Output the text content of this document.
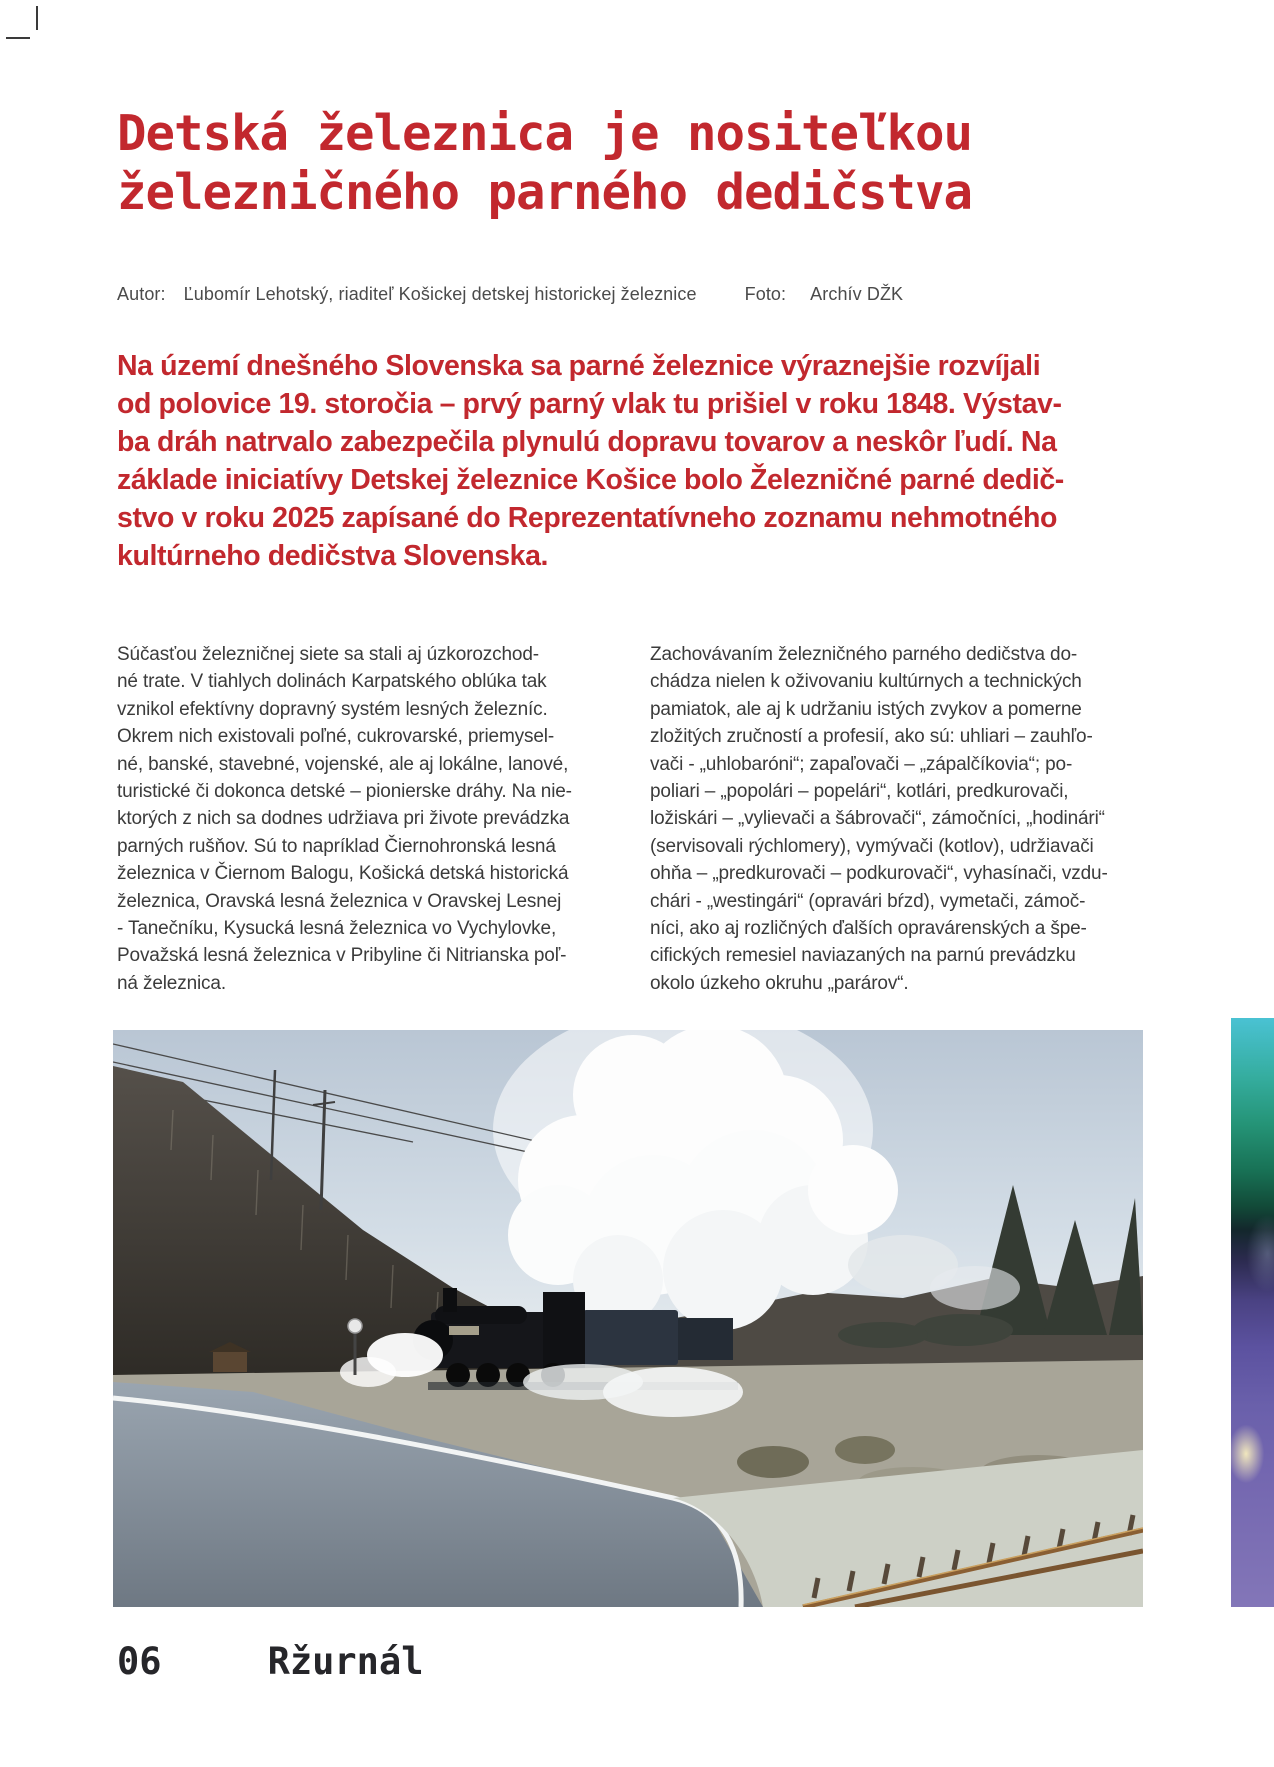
Detská železnica je nositeľkou
železničného parného dedičstva
Autor: Ľubomír Lehotský, riaditeľ Košickej detskej historickej železnice	Foto: Archív DŽK
Na území dnešného Slovenska sa parné železnice výraznejšie rozvíjali
od polovice 19. storočia – prvý parný vlak tu prišiel v roku 1848. Výstav-
ba dráh natrvalo zabezpečila plynulú dopravu tovarov a neskôr ľudí. Na
základe iniciatívy Detskej železnice Košice bolo Železničné parné dedič-
stvo v roku 2025 zapísané do Reprezentatívneho zoznamu nehmotného
kultúrneho dedičstva Slovenska.
Súčasťou železničnej siete sa stali aj úzkorozchod-
né trate. V tiahlych dolinách Karpatského oblúka tak
vznikol efektívny dopravný systém lesných železníc.
Okrem nich existovali poľné, cukrovarské, priemysel-
né, banské, stavebné, vojenské, ale aj lokálne, lanové,
turistické či dokonca detské – pionierske dráhy. Na nie-
ktorých z nich sa dodnes udržiava pri živote prevádzka
parných rušňov. Sú to napríklad Čiernohronská lesná
železnica v Čiernom Balogu, Košická detská historická
železnica, Oravská lesná železnica v Oravskej Lesnej
- Tanečníku, Kysucká lesná železnica vo Vychylovke,
Považská lesná železnica v Pribyline či Nitrianska poľ-
ná železnica.
Zachovávaním železničného parného dedičstva do-
chádza nielen k oživovaniu kultúrnych a technických
pamiatok, ale aj k udržaniu istých zvykov a pomerne
zložitých zručností a profesií, ako sú: uhliari – zauhľo-
vači - „uhlobaróni“; zapaľovači – „zápalčíkovia“; po-
poliari – „popolári – popelári“, kotlári, predkurovači,
ložiskári – „vylievači a šábrovači“, zámočníci, „hodinári“
(servisovali rýchlomery), vymývači (kotlov), udržiavači
ohňa – „predkurovači – podkurovači“, vyhasínači, vzdu-
chári - „westingári“ (opravári bŕzd), vymetači, zámoč-
níci, ako aj rozličných ďalších opravárenských a špe-
cifických remesiel naviazaných na parnú prevádzku
okolo úzkeho okruhu „parárov“.
06	Ržurnál
